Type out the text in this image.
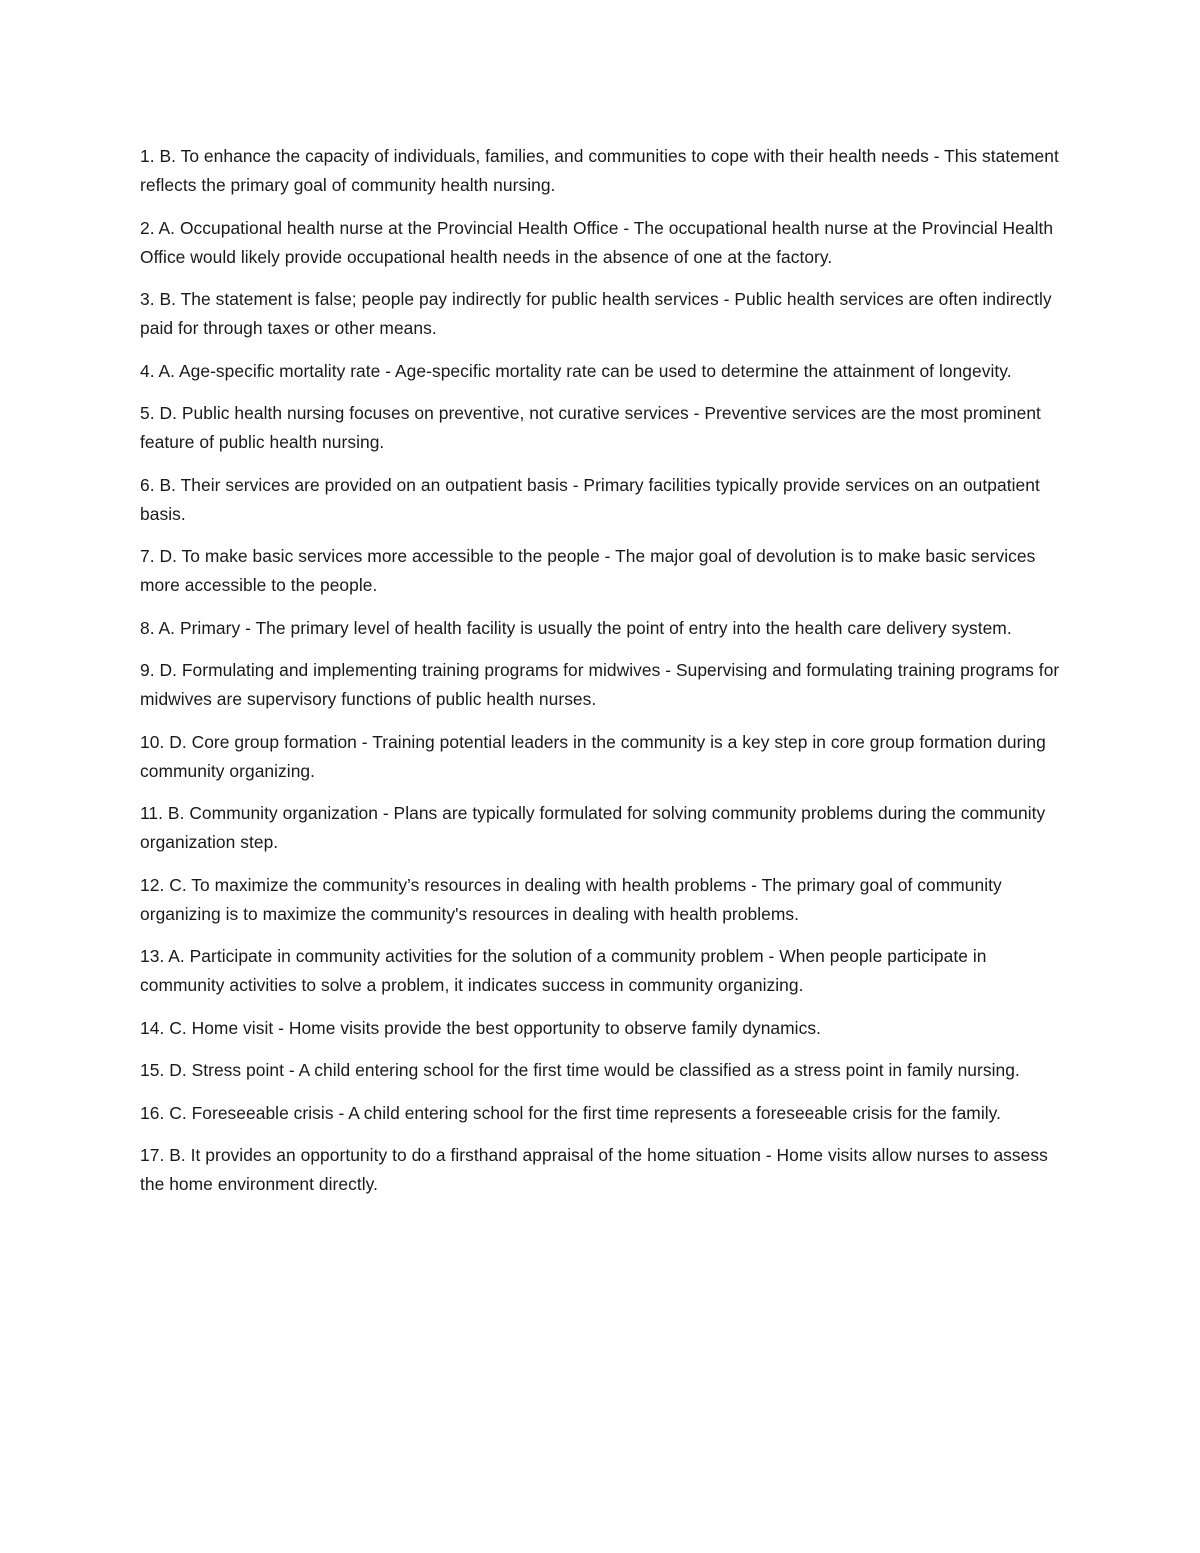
1. B. To enhance the capacity of individuals, families, and communities to cope with their health needs - This statement reflects the primary goal of community health nursing.

2. A. Occupational health nurse at the Provincial Health Office - The occupational health nurse at the Provincial Health Office would likely provide occupational health needs in the absence of one at the factory.

3. B. The statement is false; people pay indirectly for public health services - Public health services are often indirectly paid for through taxes or other means.

4. A. Age-specific mortality rate - Age-specific mortality rate can be used to determine the attainment of longevity.

5. D. Public health nursing focuses on preventive, not curative services - Preventive services are the most prominent feature of public health nursing.

6. B. Their services are provided on an outpatient basis - Primary facilities typically provide services on an outpatient basis.

7. D. To make basic services more accessible to the people - The major goal of devolution is to make basic services more accessible to the people.

8. A. Primary - The primary level of health facility is usually the point of entry into the health care delivery system.

9. D. Formulating and implementing training programs for midwives - Supervising and formulating training programs for midwives are supervisory functions of public health nurses.

10. D. Core group formation - Training potential leaders in the community is a key step in core group formation during community organizing.

11. B. Community organization - Plans are typically formulated for solving community problems during the community organization step.

12. C. To maximize the community’s resources in dealing with health problems - The primary goal of community organizing is to maximize the community's resources in dealing with health problems.

13. A. Participate in community activities for the solution of a community problem - When people participate in community activities to solve a problem, it indicates success in community organizing.

14. C. Home visit - Home visits provide the best opportunity to observe family dynamics.

15. D. Stress point - A child entering school for the first time would be classified as a stress point in family nursing.

16. C. Foreseeable crisis - A child entering school for the first time represents a foreseeable crisis for the family.

17. B. It provides an opportunity to do a firsthand appraisal of the home situation - Home visits allow nurses to assess the home environment directly.
